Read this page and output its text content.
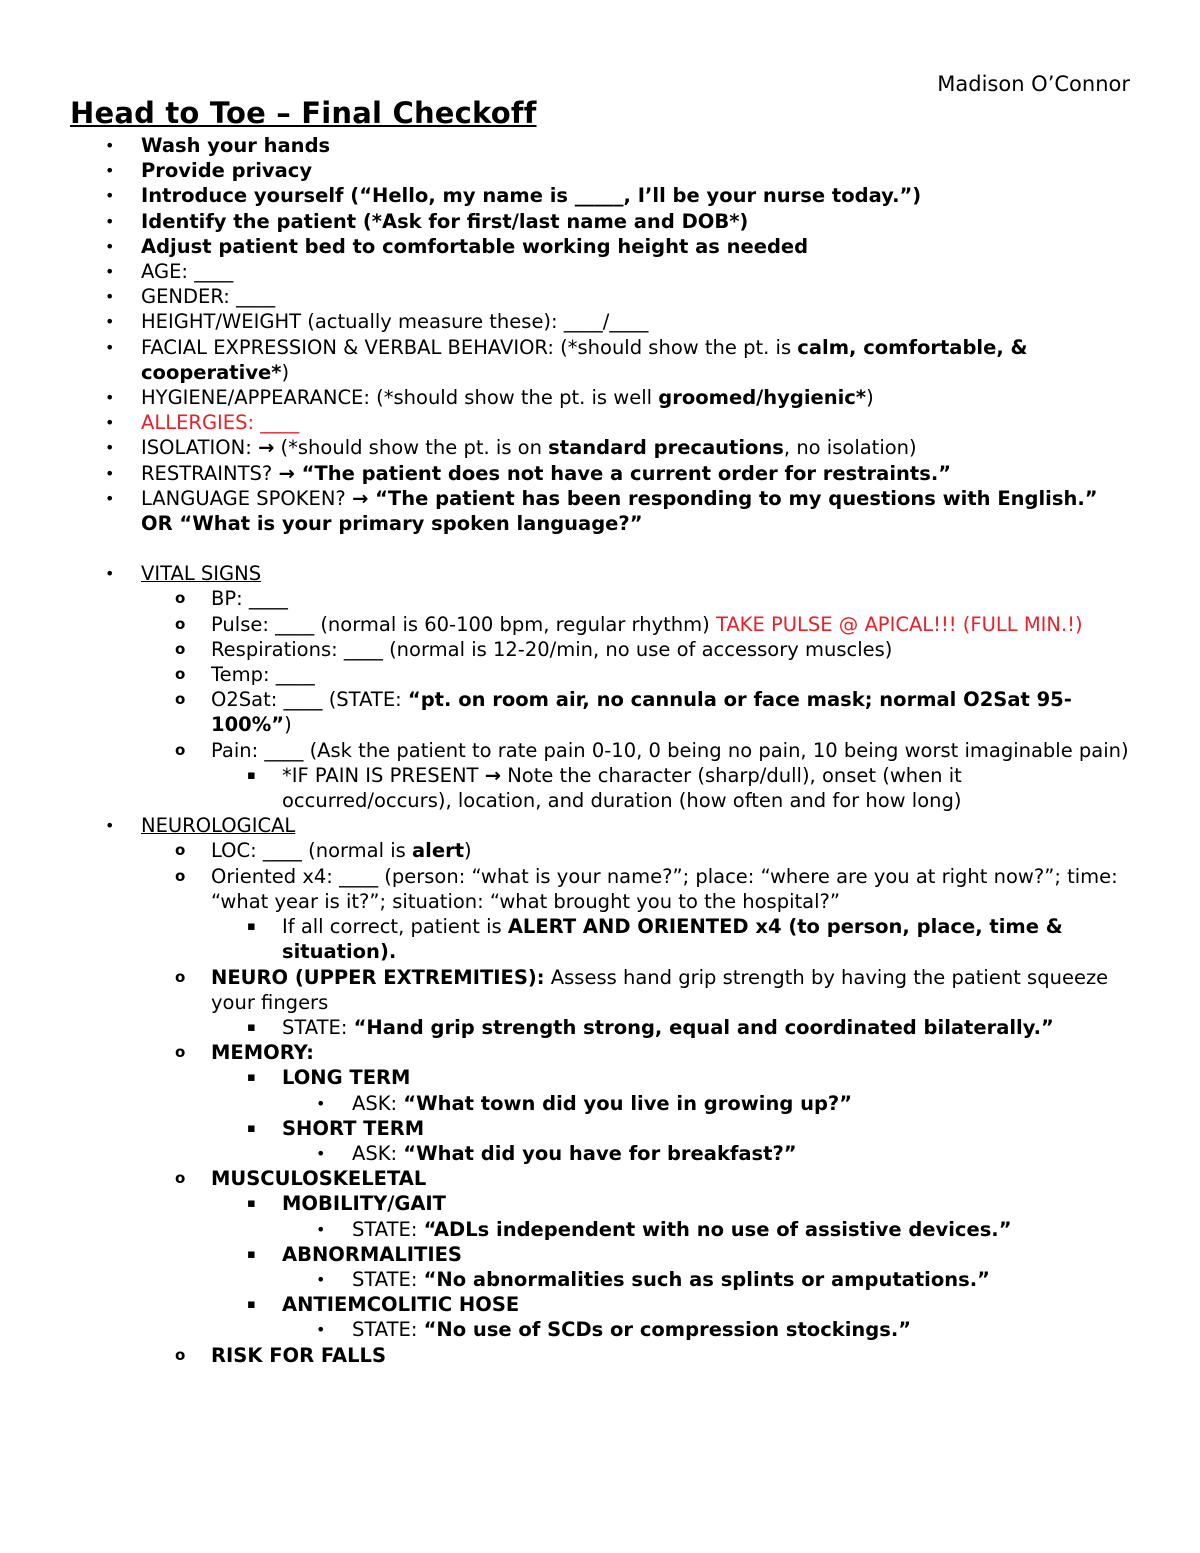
Madison O’Connor
Head to Toe – Final Checkoff
• Wash your hands
• Provide privacy
• Introduce yourself (“Hello, my name is _____, I’ll be your nurse today.”)
• Identify the patient (*Ask for first/last name and DOB*)
• Adjust patient bed to comfortable working height as needed
• AGE: ____
• GENDER: ____
• HEIGHT/WEIGHT (actually measure these): ____/____
• FACIAL EXPRESSION & VERBAL BEHAVIOR: (*should show the pt. is calm, comfortable, & cooperative*)
• HYGIENE/APPEARANCE: (*should show the pt. is well groomed/hygienic*)
• ALLERGIES: ____
• ISOLATION: → (*should show the pt. is on standard precautions, no isolation)
• RESTRAINTS? → “The patient does not have a current order for restraints.”
• LANGUAGE SPOKEN? → “The patient has been responding to my questions with English.” OR “What is your primary spoken language?”
• VITAL SIGNS
o BP: ____
o Pulse: ____ (normal is 60-100 bpm, regular rhythm) TAKE PULSE @ APICAL!!! (FULL MIN.!)
o Respirations: ____ (normal is 12-20/min, no use of accessory muscles)
o Temp: ____
o O2Sat: ____ (STATE: “pt. on room air, no cannula or face mask; normal O2Sat 95-100%”)
o Pain: ____ (Ask the patient to rate pain 0-10, 0 being no pain, 10 being worst imaginable pain)
▪ *IF PAIN IS PRESENT → Note the character (sharp/dull), onset (when it occurred/occurs), location, and duration (how often and for how long)
• NEUROLOGICAL
o LOC: ____ (normal is alert)
o Oriented x4: ____ (person: “what is your name?”; place: “where are you at right now?”; time: “what year is it?”; situation: “what brought you to the hospital?”
▪ If all correct, patient is ALERT AND ORIENTED x4 (to person, place, time & situation).
o NEURO (UPPER EXTREMITIES): Assess hand grip strength by having the patient squeeze your fingers
▪ STATE: “Hand grip strength strong, equal and coordinated bilaterally.”
o MEMORY:
▪ LONG TERM
• ASK: “What town did you live in growing up?”
▪ SHORT TERM
• ASK: “What did you have for breakfast?”
o MUSCULOSKELETAL
▪ MOBILITY/GAIT
• STATE: “ADLs independent with no use of assistive devices.”
▪ ABNORMALITIES
• STATE: “No abnormalities such as splints or amputations.”
▪ ANTIEMCOLITIC HOSE
• STATE: “No use of SCDs or compression stockings.”
o RISK FOR FALLS
